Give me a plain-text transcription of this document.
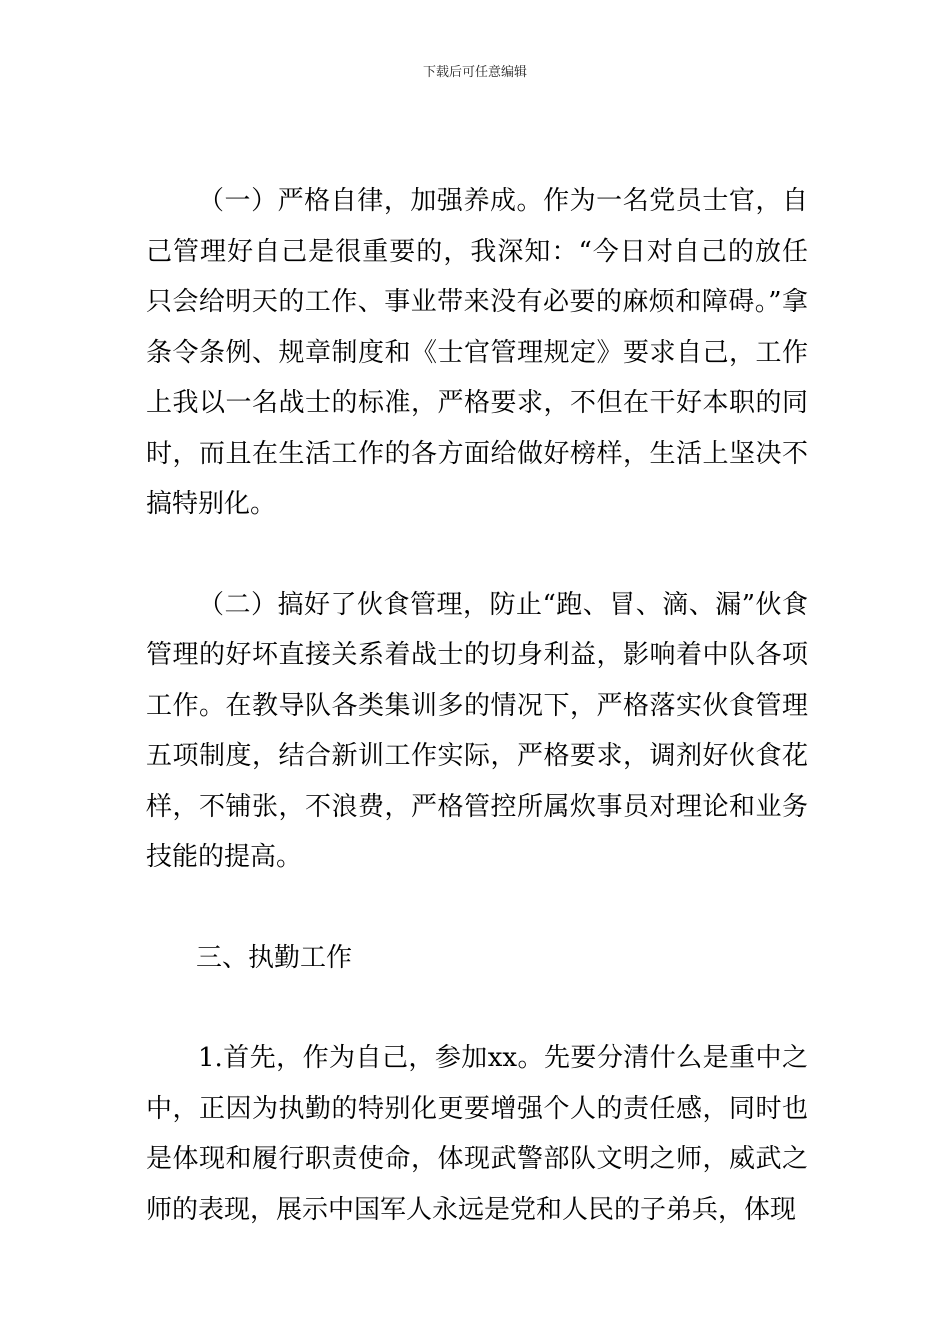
下载后可任意编辑

（一）严格自律，加强养成。作为一名党员士官，自己管理好自己是很重要的，我深知：“今日对自己的放任只会给明天的工作、事业带来没有必要的麻烦和障碍。”拿条令条例、规章制度和《士官管理规定》要求自己，工作上我以一名战士的标准，严格要求，不但在干好本职的同时，而且在生活工作的各方面给做好榜样，生活上坚决不搞特别化。

（二）搞好了伙食管理，防止“跑、冒、滴、漏”伙食管理的好坏直接关系着战士的切身利益，影响着中队各项工作。在教导队各类集训多的情况下，严格落实伙食管理五项制度，结合新训工作实际，严格要求，调剂好伙食花样，不铺张，不浪费，严格管控所属炊事员对理论和业务技能的提高。

三、执勤工作

1.首先，作为自己，参加xx。先要分清什么是重中之中，正因为执勤的特别化更要增强个人的责任感，同时也是体现和履行职责使命，体现武警部队文明之师，威武之师的表现，展示中国军人永远是党和人民的子弟兵，体现
